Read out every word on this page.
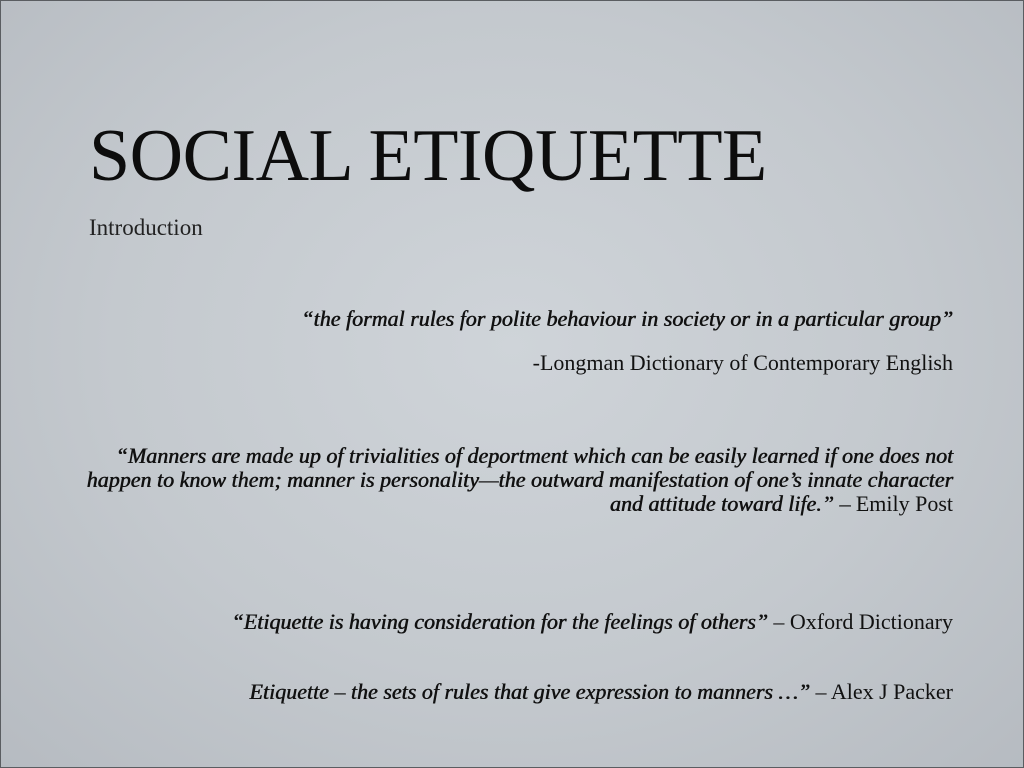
SOCIAL ETIQUETTE
Introduction
“the formal rules for polite behaviour in society or in a particular group”
-Longman Dictionary of Contemporary English
“Manners are made up of trivialities of deportment which can be easily learned if one does not happen to know them; manner is personality—the outward manifestation of one’s innate character and attitude toward life.” – Emily Post
“Etiquette is having consideration for the feelings of others” – Oxford Dictionary
Etiquette – the sets of rules that give expression to manners …” – Alex J Packer
